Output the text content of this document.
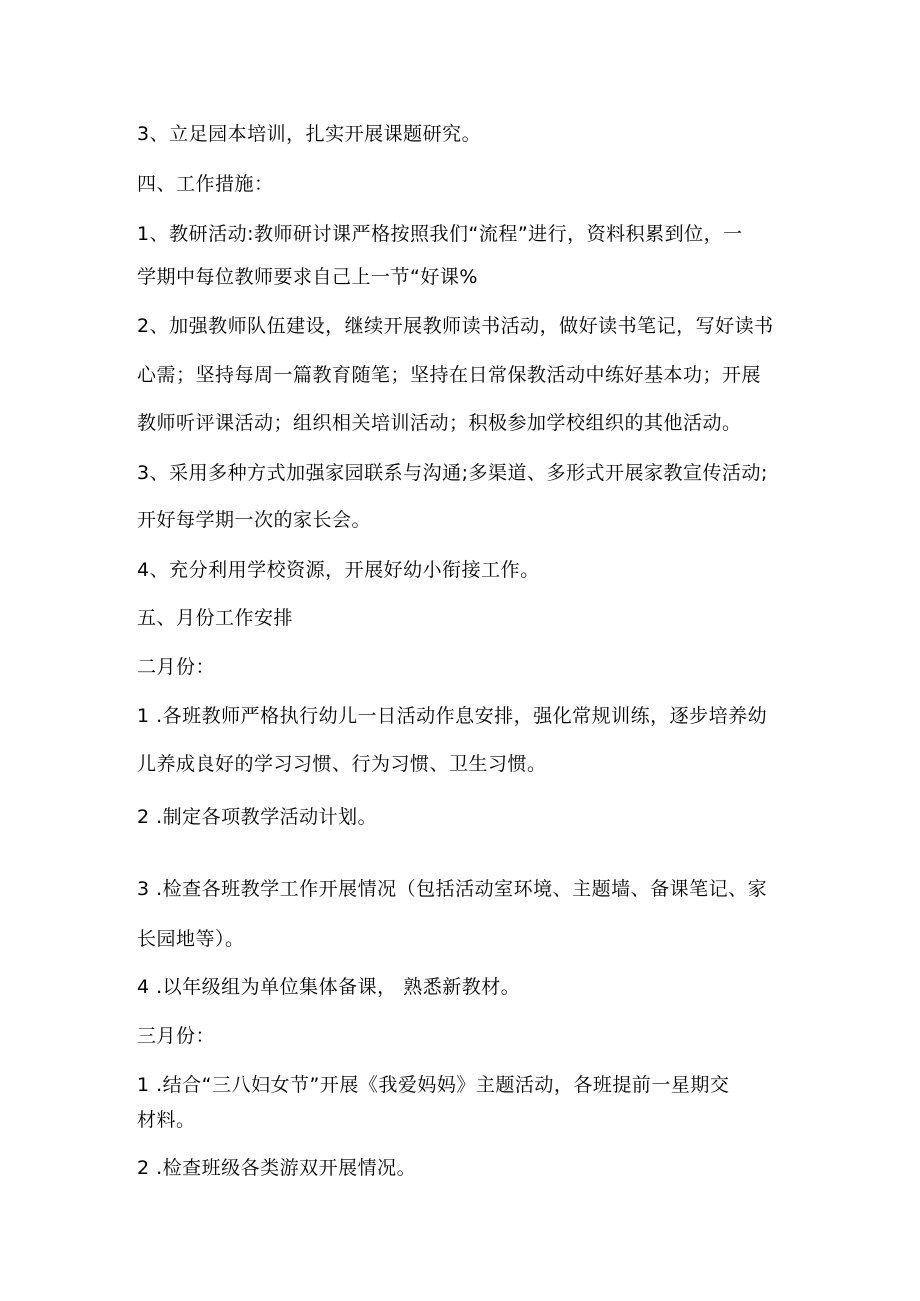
3、立足园本培训，扎实开展课题研究。
四、工作措施：
1、教研活动:教师研讨课严格按照我们“流程”进行，资料积累到位，一
学期中每位教师要求自己上一节“好课%
2、加强教师队伍建设，继续开展教师读书活动，做好读书笔记，写好读书
心需；坚持每周一篇教育随笔；坚持在日常保教活动中练好基本功；开展
教师听评课活动；组织相关培训活动；积极参加学校组织的其他活动。
3、采用多种方式加强家园联系与沟通;多渠道、多形式开展家教宣传活动;
开好每学期一次的家长会。
4、充分利用学校资源，开展好幼小衔接工作。
五、月份工作安排
二月份：
1 .各班教师严格执行幼儿一日活动作息安排，强化常规训练，逐步培养幼
儿养成良好的学习习惯、行为习惯、卫生习惯。
2 .制定各项教学活动计划。
3 .检查各班教学工作开展情况（包括活动室环境、主题墙、备课笔记、家
长园地等）。
4 .以年级组为单位集体备课， 熟悉新教材。
三月份：
1 .结合“三八妇女节”开展《我爱妈妈》主题活动，各班提前一星期交
材料。
2 .检查班级各类游双开展情况。
